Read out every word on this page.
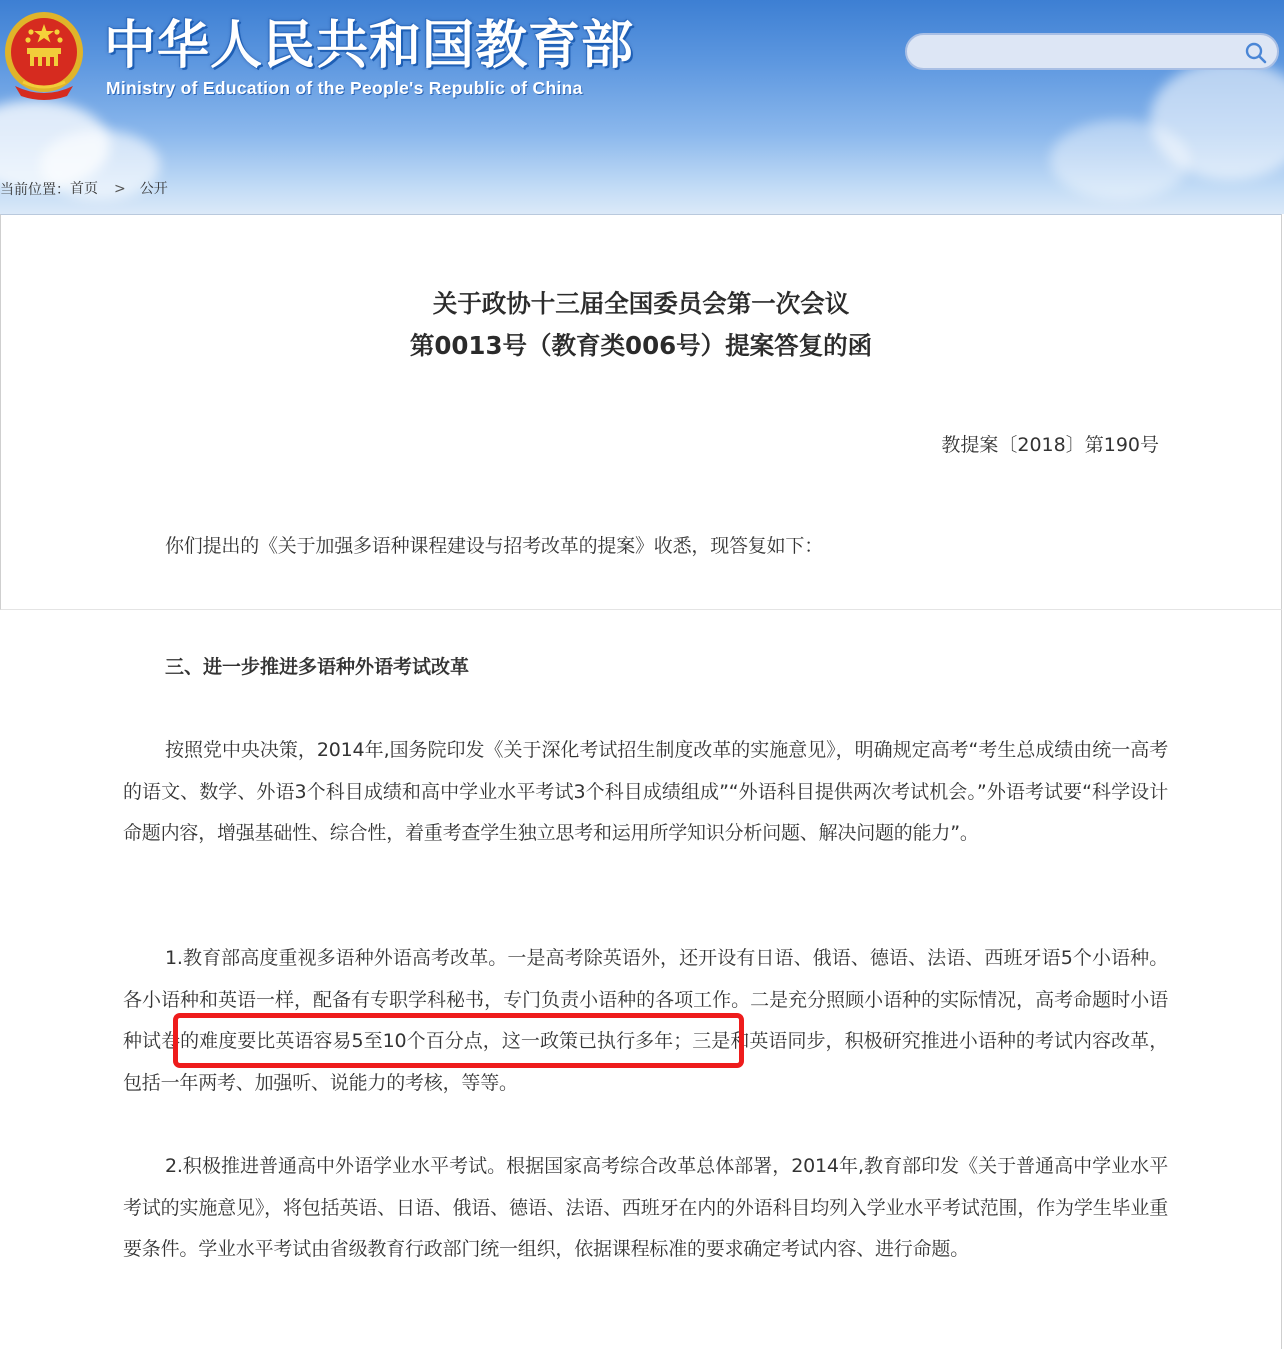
中华人民共和国教育部
Ministry of Education of the People's Republic of China
当前位置：首页 > 公开
关于政协十三届全国委员会第一次会议
第0013号（教育类006号）提案答复的函
教提案〔2018〕第190号

你们提出的《关于加强多语种课程建设与招考改革的提案》收悉，现答复如下：

三、进一步推进多语种外语考试改革

按照党中央决策，2014年,国务院印发《关于深化考试招生制度改革的实施意见》，明确规定高考“考生总成绩由统一高考的语文、数学、外语3个科目成绩和高中学业水平考试3个科目成绩组成”“外语科目提供两次考试机会。”外语考试要“科学设计命题内容，增强基础性、综合性，着重考查学生独立思考和运用所学知识分析问题、解决问题的能力”。

1.教育部高度重视多语种外语高考改革。一是高考除英语外，还开设有日语、俄语、德语、法语、西班牙语5个小语种。各小语种和英语一样，配备有专职学科秘书，专门负责小语种的各项工作。二是充分照顾小语种的实际情况，高考命题时小语种试卷的难度要比英语容易5至10个百分点，这一政策已执行多年；三是和英语同步，积极研究推进小语种的考试内容改革，包括一年两考、加强听、说能力的考核，等等。

2.积极推进普通高中外语学业水平考试。根据国家高考综合改革总体部署，2014年,教育部印发《关于普通高中学业水平考试的实施意见》，将包括英语、日语、俄语、德语、法语、西班牙在内的外语科目均列入学业水平考试范围，作为学生毕业重要条件。学业水平考试由省级教育行政部门统一组织，依据课程标准的要求确定考试内容、进行命题。
